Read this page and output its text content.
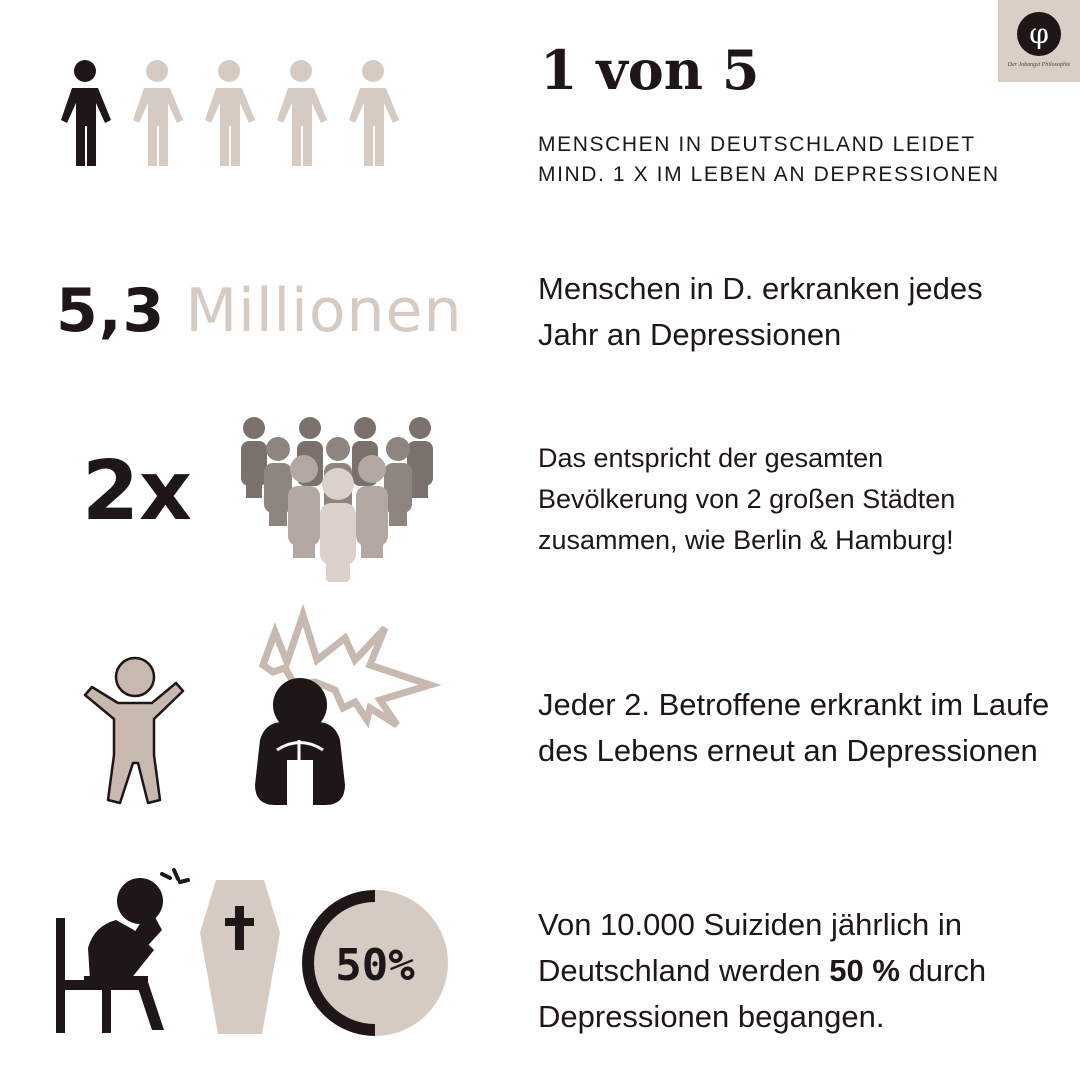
φ
Der Jobangst Philosophie
1 von 5
MENSCHEN IN DEUTSCHLAND LEIDET
MIND. 1 X IM LEBEN AN DEPRESSIONEN
5,3 Millionen Menschen in D. erkranken jedes
Jahr an Depressionen
2x	Das entspricht der gesamten
Bevölkerung von 2 großen Städten
zusammen, wie Berlin & Hamburg!
Jeder 2. Betroffene erkrankt im Laufe
des Lebens erneut an Depressionen
50%
Von 10.000 Suiziden jährlich in
Deutschland werden 50 % durch
Depressionen begangen.
